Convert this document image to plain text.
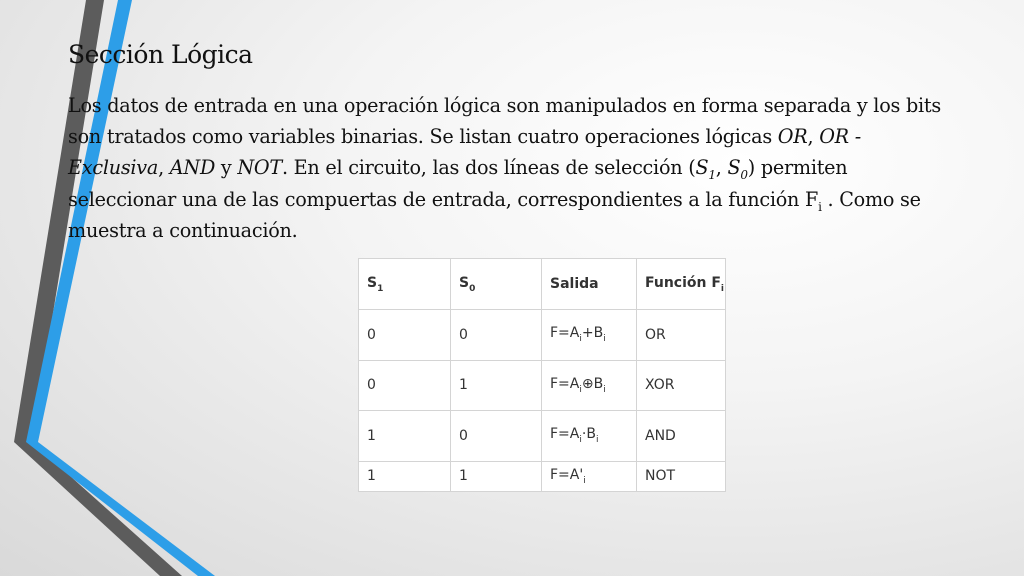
Sección Lógica

Los datos de entrada en una operación lógica son manipulados en forma separada y los bits son tratados como variables binarias. Se listan cuatro operaciones lógicas OR, OR - Exclusiva, AND y NOT. En el circuito, las dos líneas de selección ($S_1$, $S_0$) permiten seleccionar una de las compuertas de entrada, correspondientes a la función $F_i$ . Como se muestra a continuación.

$S_1$	$S_0$	Salida	Función $F_i$
0	0	$F=A_i+B_i$	OR
0	1	$F=A_i\oplus B_i$	XOR
1	0	$F=A_i\cdot B_i$	AND
1	1	$F=A'_i$	NOT
